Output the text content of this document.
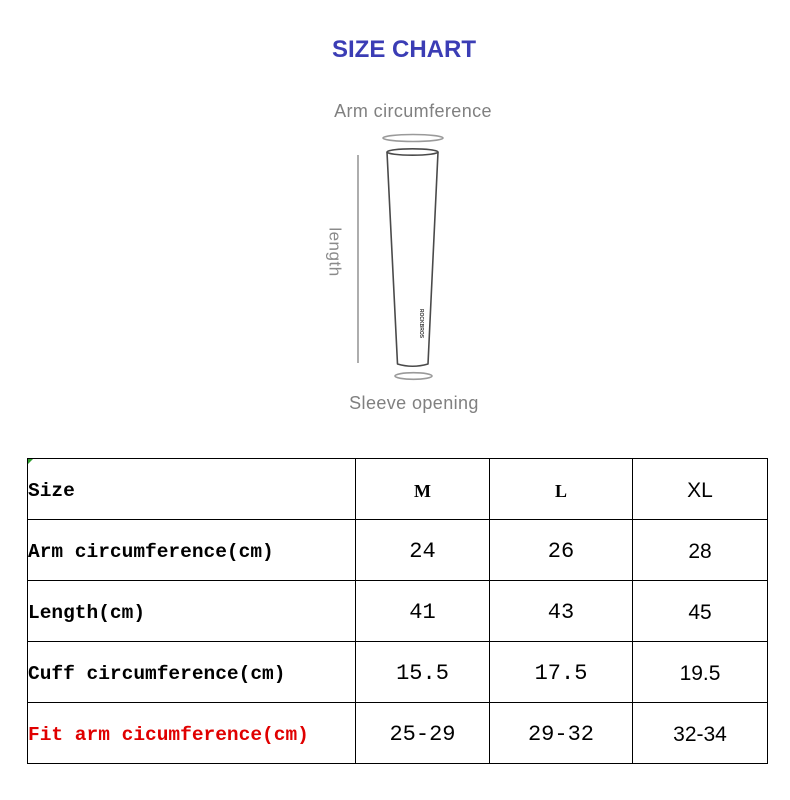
SIZE CHART
Arm circumference
length
ROCKBROS
Sleeve opening
Size	M	L	XL
Arm circumference(cm)	24	26	28
Length(cm)	41	43	45
Cuff circumference(cm)	15.5	17.5	19.5
Fit arm cicumference(cm)	25-29	29-32	32-34
